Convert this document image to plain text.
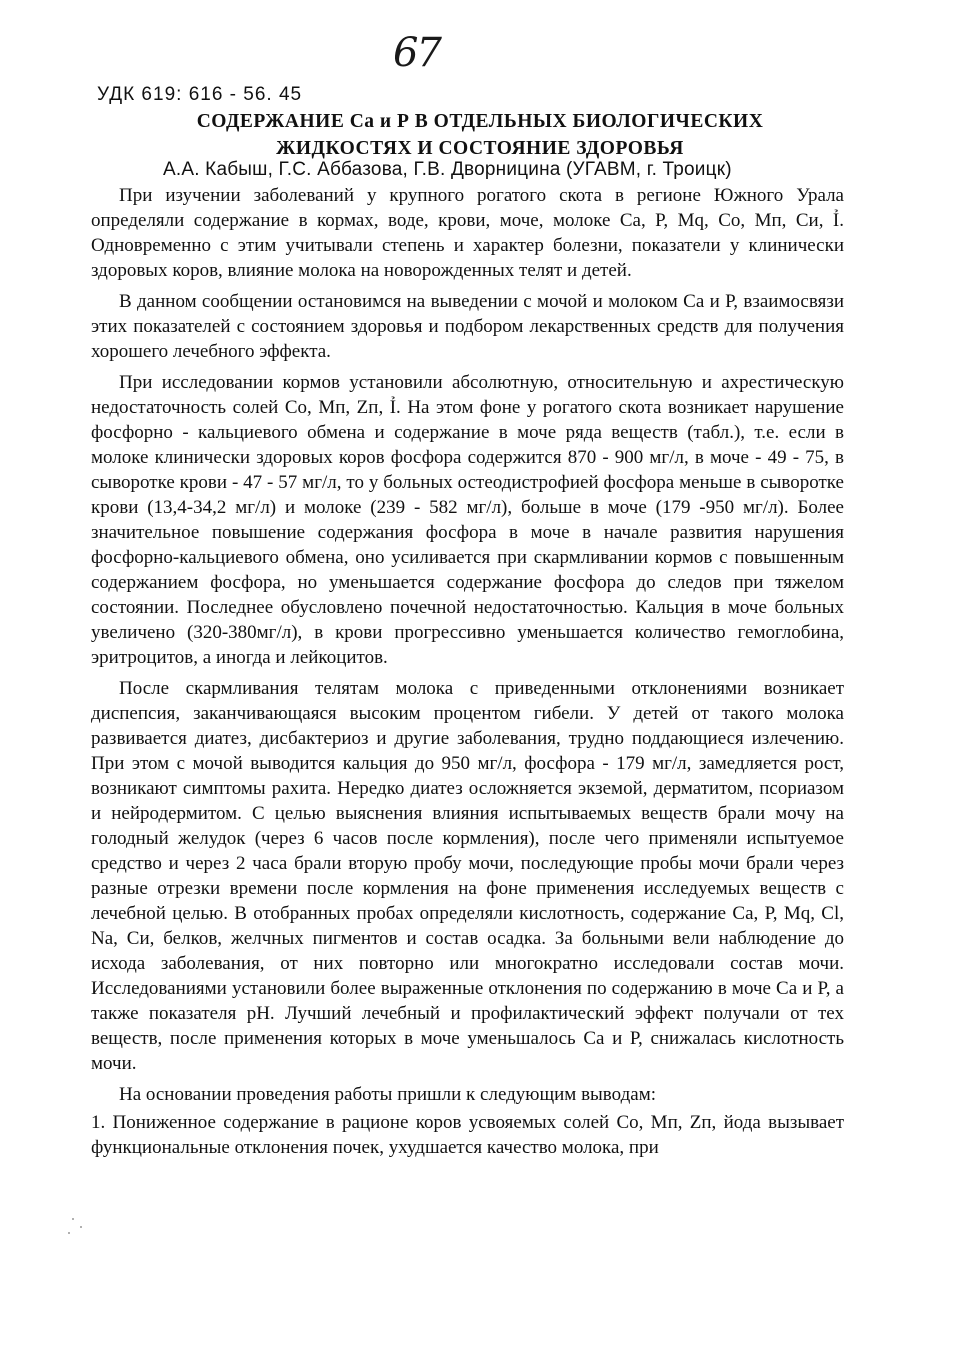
67
УДК 619: 616 - 56. 45
СОДЕРЖАНИЕ Са и Р В ОТДЕЛЬНЫХ БИОЛОГИЧЕСКИХ
ЖИДКОСТЯХ И СОСТОЯНИЕ ЗДОРОВЬЯ
А.А. Кабыш, Г.С. Аббазова, Г.В. Дворницина (УГАВМ, г. Троицк)

При изучении заболеваний у крупного рогатого скота в регионе Южного Урала определяли содержание в кормах, воде, крови, моче, молоке Са, Р, Мq, Со, Мп, Си, Ỉ. Одновременно с этим учитывали степень и характер болезни, показатели у клинически здоровых коров, влияние молока на новорожденных телят и детей.

В данном сообщении остановимся на выведении с мочой и молоком Са и Р, взаимосвязи этих показателей с состоянием здоровья и подбором лекарственных средств для получения хорошего лечебного эффекта.

При исследовании кормов установили абсолютную, относительную и ахрестическую недостаточность солей Со, Мп, Zп, Ỉ. На этом фоне у рогатого скота возникает нарушение фосфорно - кальциевого обмена и содержание в моче ряда веществ (табл.), т.е. если в молоке клинически здоровых коров фосфора содержится 870 - 900 мг/л, в моче - 49 - 75, в сыворотке крови - 47 - 57 мг/л, то у больных остеодистрофией фосфора меньше в сыворотке крови (13,4-34,2 мг/л) и молоке (239 - 582 мг/л), больше в моче (179 -950 мг/л). Более значительное повышение содержания фосфора в моче в начале развития нарушения фосфорно-кальциевого обмена, оно усиливается при скармливании кормов с повышенным содержанием фосфора, но уменьшается содержание фосфора до следов при тяжелом состоянии. Последнее обусловлено почечной недостаточностью. Кальция в моче больных увеличено (320-380мг/л), в крови прогрессивно уменьшается количество гемоглобина, эритроцитов, а иногда и лейкоцитов.

После скармливания телятам молока с приведенными отклонениями возникает диспепсия, заканчивающаяся высоким процентом гибели. У детей от такого молока развивается диатез, дисбактериоз и другие заболевания, трудно поддающиеся излечению. При этом с мочой выводится кальция до 950 мг/л, фосфора - 179 мг/л, замедляется рост, возникают симптомы рахита. Нередко диатез осложняется экземой, дерматитом, псориазом и нейродермитом. С целью выяснения влияния испытываемых веществ брали мочу на голодный желудок (через 6 часов после кормления), после чего применяли испытуемое средство и через 2 часа брали вторую пробу мочи, последующие пробы мочи брали через разные отрезки времени после кормления на фоне применения исследуемых веществ с лечебной целью. В отобранных пробах определяли кислотность, содержание Са, Р, Мq, Cl, Na, Си, белков, желчных пигментов и состав осадка. За больными вели наблюдение до исхода заболевания, от них повторно или многократно исследовали состав мочи. Исследованиями установили более выраженные отклонения по содержанию в моче Са и Р, а также показателя рН. Лучший лечебный и профилактический эффект получали от тех веществ, после применения которых в моче уменьшалось Са и Р, снижалась кислотность мочи.

На основании проведения работы пришли к следующим выводам:

1. Пониженное содержание в рационе коров усвояемых солей Со, Мп, Zп, йода вызывает функциональные отклонения почек, ухудшается качество молока, при
